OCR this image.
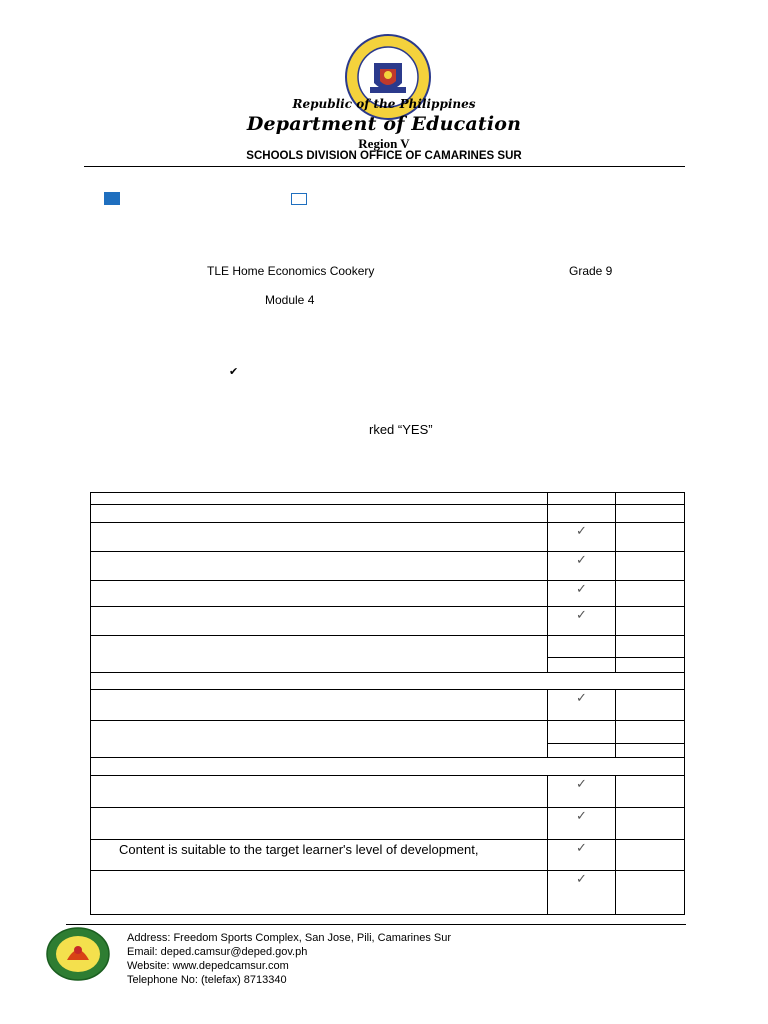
Republic of the Philippines
Department of Education
Region V
SCHOOLS DIVISION OFFICE OF CAMARINES SUR
TLE Home Economics Cookery	Grade 9
Module 4
✔
rked “YES”

	✓	
	✓	
	✓	
	✓	

	✓	

	✓	
	✓	
Content is suitable to the target learner's level of development,	✓	
	✓	
Address: Freedom Sports Complex, San Jose, Pili, Camarines Sur
Email: deped.camsur@deped.gov.ph
Website: www.depedcamsur.com
Telephone No: (telefax) 8713340
